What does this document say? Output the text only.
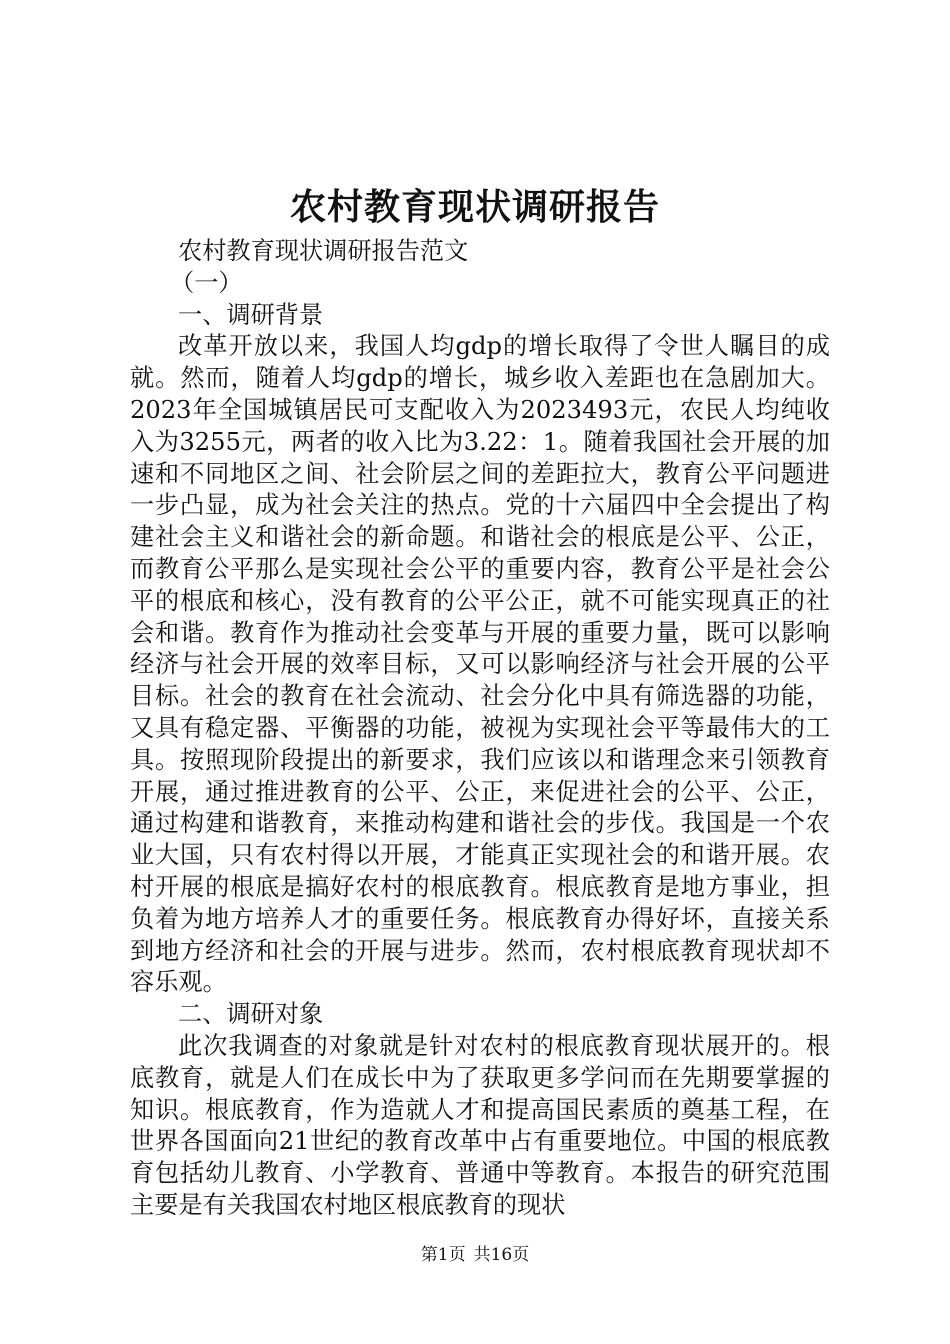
农村教育现状调研报告

农村教育现状调研报告范文

（一）

一、调研背景

改革开放以来，我国人均gdp的增长取得了令世人瞩目的成就。然而，随着人均gdp的增长，城乡收入差距也在急剧加大。2023年全国城镇居民可支配收入为2023493元，农民人均纯收入为3255元，两者的收入比为3.22：1。随着我国社会开展的加速和不同地区之间、社会阶层之间的差距拉大，教育公平问题进一步凸显，成为社会关注的热点。党的十六届四中全会提出了构建社会主义和谐社会的新命题。和谐社会的根底是公平、公正，而教育公平那么是实现社会公平的重要内容，教育公平是社会公平的根底和核心，没有教育的公平公正，就不可能实现真正的社会和谐。教育作为推动社会变革与开展的重要力量，既可以影响经济与社会开展的效率目标，又可以影响经济与社会开展的公平目标。社会的教育在社会流动、社会分化中具有筛选器的功能，又具有稳定器、平衡器的功能，被视为实现社会平等最伟大的工具。按照现阶段提出的新要求，我们应该以和谐理念来引领教育开展，通过推进教育的公平、公正，来促进社会的公平、公正，通过构建和谐教育，来推动构建和谐社会的步伐。我国是一个农业大国，只有农村得以开展，才能真正实现社会的和谐开展。农村开展的根底是搞好农村的根底教育。根底教育是地方事业，担负着为地方培养人才的重要任务。根底教育办得好坏，直接关系到地方经济和社会的开展与进步。然而，农村根底教育现状却不容乐观。

二、调研对象

此次我调查的对象就是针对农村的根底教育现状展开的。根底教育，就是人们在成长中为了获取更多学问而在先期要掌握的知识。根底教育，作为造就人才和提高国民素质的奠基工程，在世界各国面向21世纪的教育改革中占有重要地位。中国的根底教育包括幼儿教育、小学教育、普通中等教育。本报告的研究范围主要是有关我国农村地区根底教育的现状

第1页 共16页
